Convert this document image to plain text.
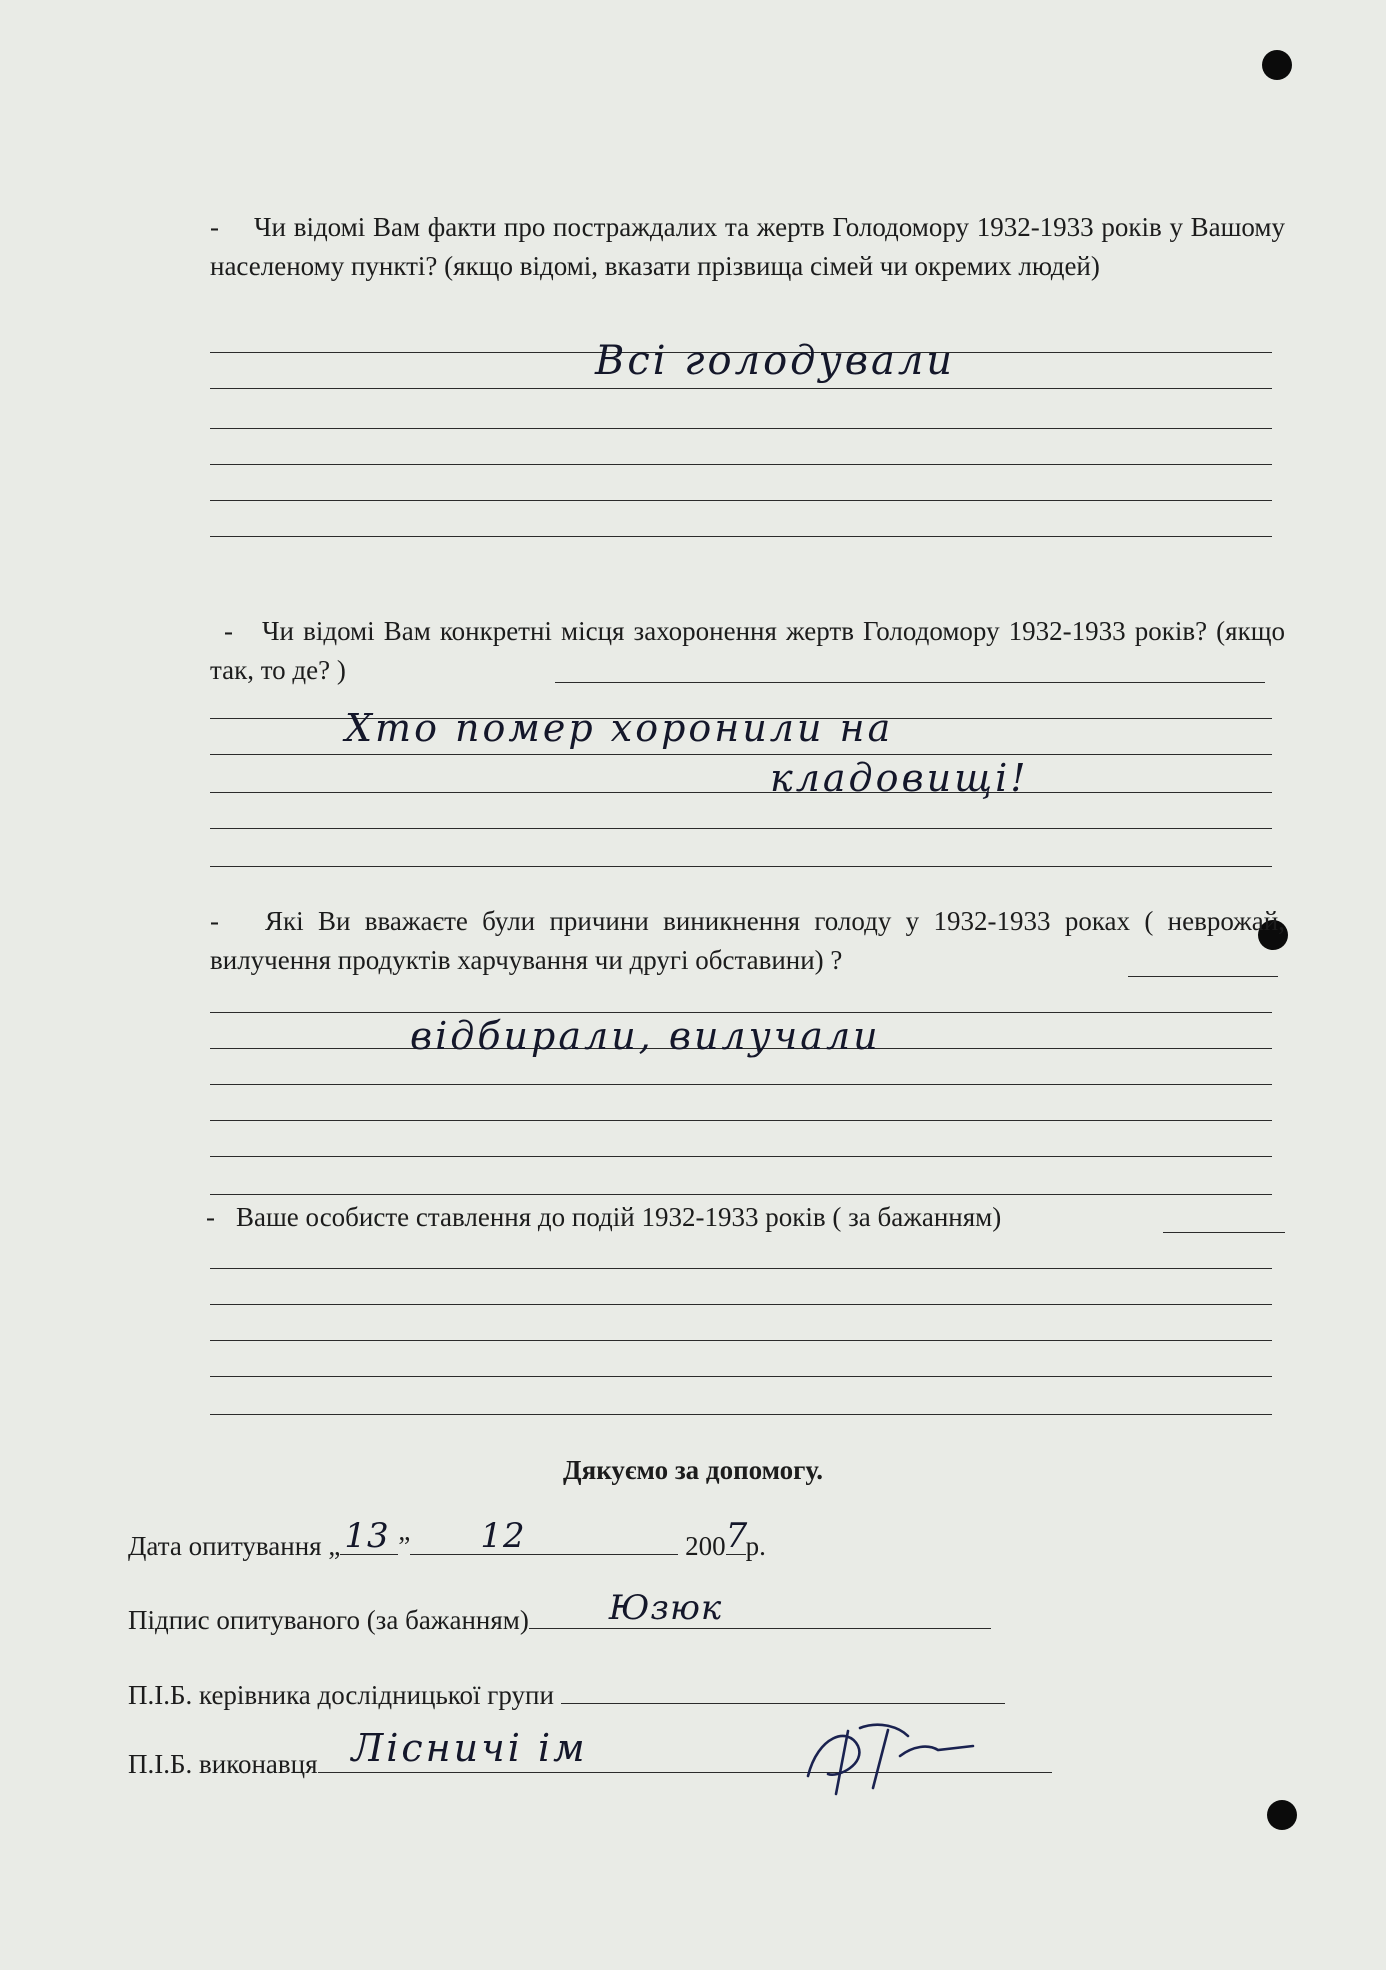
- Чи відомі Вам факти про постраждалих та жертв Голодомору 1932-1933 років у Вашому населеному пункті? (якщо відомі, вказати прізвища сімей чи окремих людей)
Всі голодували
- Чи відомі Вам конкретні місця захоронення жертв Голодомору 1932-1933 років? (якщо так, то де? )
Хто помер хоронили на
кладовищі!
- Які Ви вважаєте були причини виникнення голоду у 1932-1933 роках ( неврожай, вилучення продуктів харчування чи другі обставини) ?
відбирали, вилучали
- Ваше особисте ставлення до подій 1932-1933 років ( за бажанням)
Дякуємо за допомогу.
Дата опитування „ 13 ” 12	200 7
р.
Підпис опитуваного (за бажанням) Юзюк
П.І.Б. керівника дослідницької групи
П.І.Б. виконавця Лісничі ім
